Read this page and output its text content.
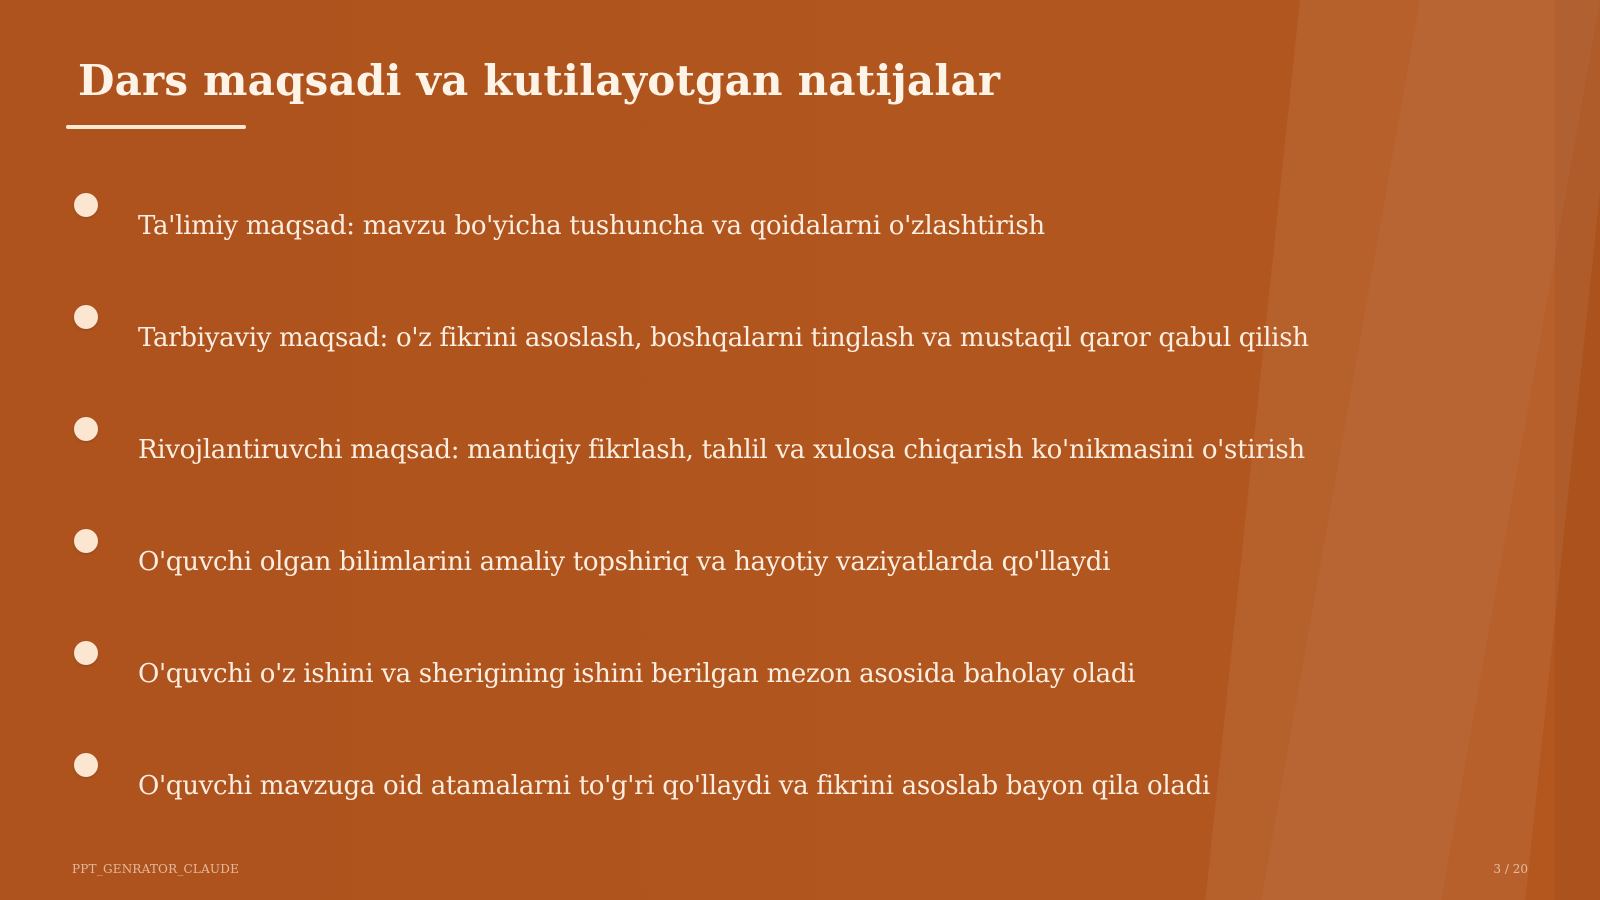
Dars maqsadi va kutilayotgan natijalar
Ta'limiy maqsad: mavzu bo'yicha tushuncha va qoidalarni o'zlashtirish
Tarbiyaviy maqsad: o'z fikrini asoslash, boshqalarni tinglash va mustaqil qaror qabul qilish
Rivojlantiruvchi maqsad: mantiqiy fikrlash, tahlil va xulosa chiqarish ko'nikmasini o'stirish
O'quvchi olgan bilimlarini amaliy topshiriq va hayotiy vaziyatlarda qo'llaydi
O'quvchi o'z ishini va sherigining ishini berilgan mezon asosida baholay oladi
O'quvchi mavzuga oid atamalarni to'g'ri qo'llaydi va fikrini asoslab bayon qila oladi
PPT_GENRATOR_CLAUDE	3 / 20
